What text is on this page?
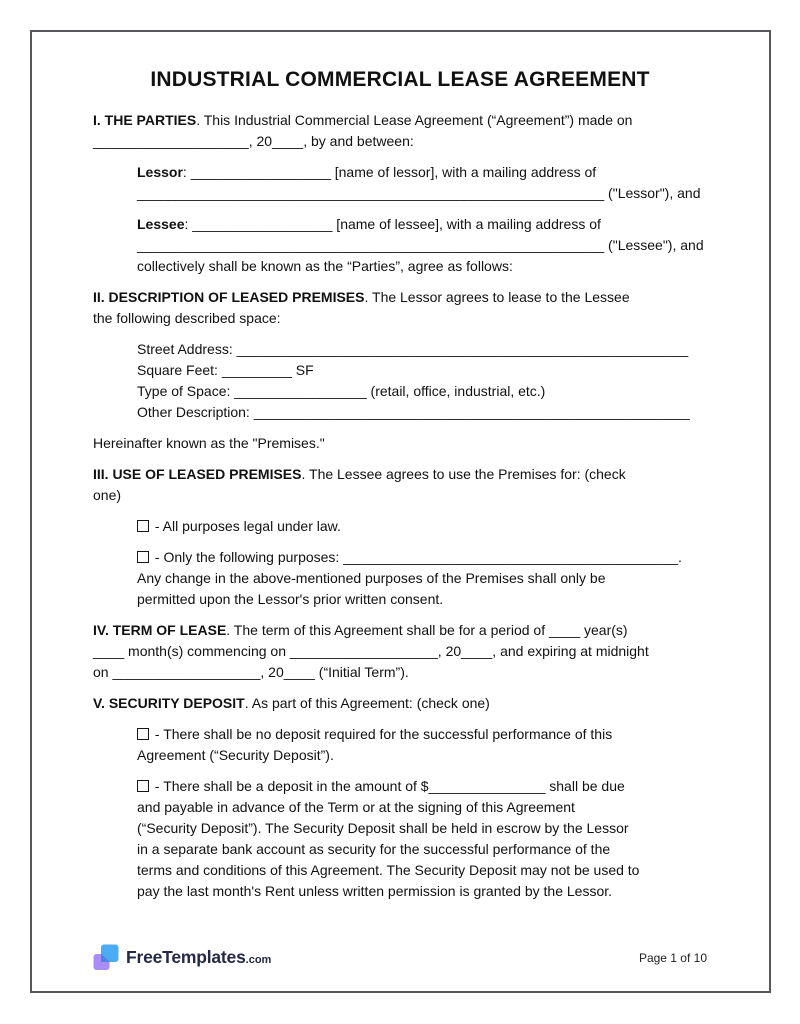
INDUSTRIAL COMMERCIAL LEASE AGREEMENT
I. THE PARTIES. This Industrial Commercial Lease Agreement (“Agreement”) made on
____________________, 20____, by and between:
Lessor: __________________ [name of lessor], with a mailing address of
____________________________________________________________ ("Lessor"), and
Lessee: __________________ [name of lessee], with a mailing address of
____________________________________________________________ ("Lessee"), and
collectively shall be known as the “Parties”, agree as follows:
II. DESCRIPTION OF LEASED PREMISES. The Lessor agrees to lease to the Lessee
the following described space:
Street Address: __________________________________________________________
Square Feet: _________ SF
Type of Space: _________________ (retail, office, industrial, etc.)
Other Description: ________________________________________________________
Hereinafter known as the "Premises."
III. USE OF LEASED PREMISES. The Lessee agrees to use the Premises for: (check
one)
- All purposes legal under law.
- Only the following purposes: ___________________________________________.
Any change in the above-mentioned purposes of the Premises shall only be
permitted upon the Lessor's prior written consent.
IV. TERM OF LEASE. The term of this Agreement shall be for a period of ____ year(s)
____ month(s) commencing on ___________________, 20____, and expiring at midnight
on ___________________, 20____ (“Initial Term”).
V. SECURITY DEPOSIT. As part of this Agreement: (check one)
- There shall be no deposit required for the successful performance of this
Agreement (“Security Deposit”).
- There shall be a deposit in the amount of $_______________ shall be due
and payable in advance of the Term or at the signing of this Agreement
(“Security Deposit”). The Security Deposit shall be held in escrow by the Lessor
in a separate bank account as security for the successful performance of the
terms and conditions of this Agreement. The Security Deposit may not be used to
pay the last month's Rent unless written permission is granted by the Lessor.
FreeTemplates.com	Page 1 of 10
